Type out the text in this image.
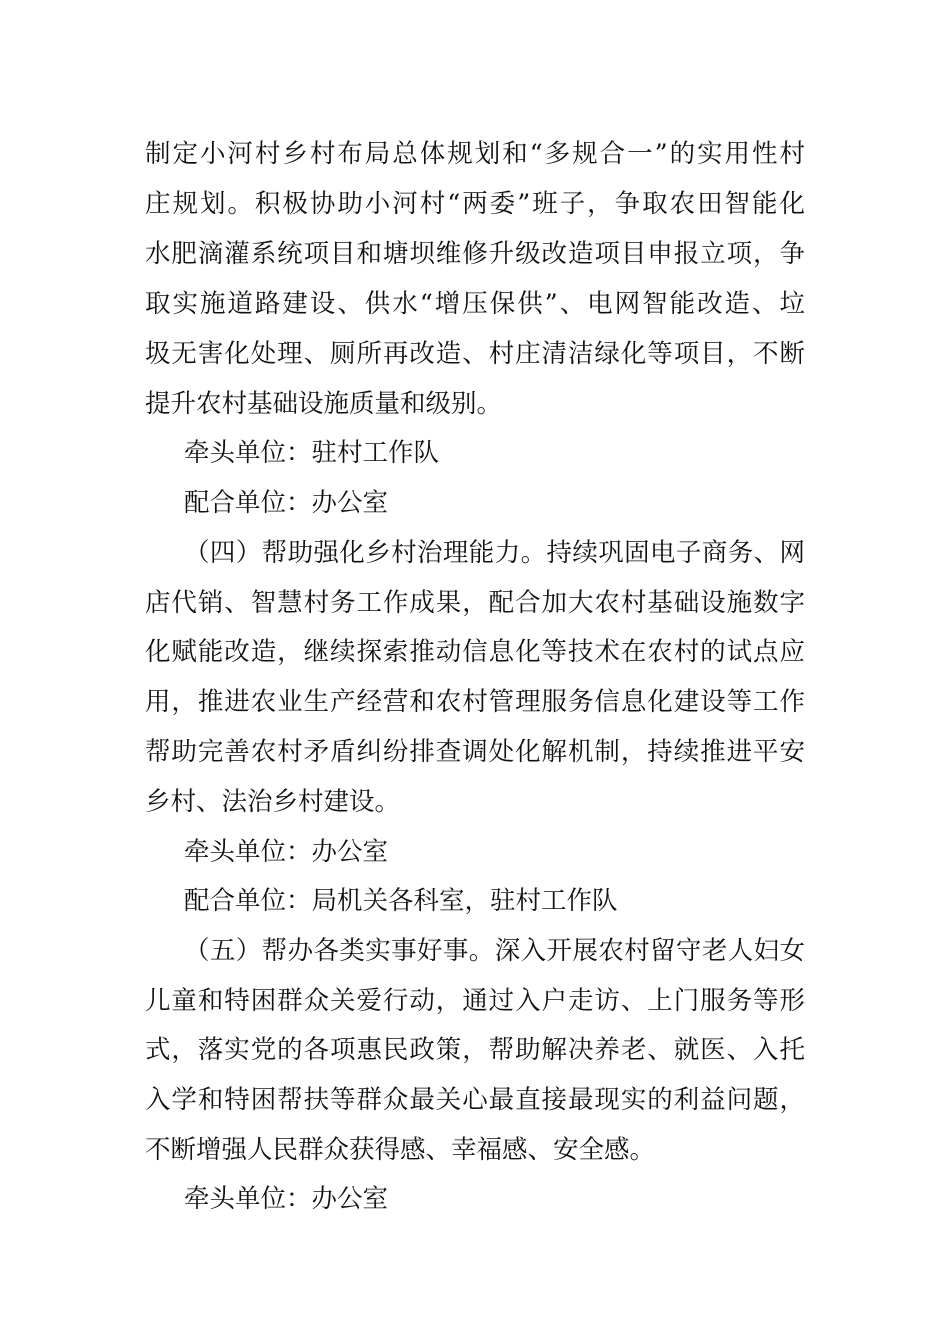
制定小河村乡村布局总体规划和“多规合一”的实用性村
庄规划。积极协助小河村“两委”班子，争取农田智能化
水肥滴灌系统项目和塘坝维修升级改造项目申报立项，争
取实施道路建设、供水“增压保供”、电网智能改造、垃
圾无害化处理、厕所再改造、村庄清洁绿化等项目，不断
提升农村基础设施质量和级别。
牵头单位：驻村工作队
配合单位：办公室
（四）帮助强化乡村治理能力。持续巩固电子商务、网
店代销、智慧村务工作成果，配合加大农村基础设施数字
化赋能改造，继续探索推动信息化等技术在农村的试点应
用，推进农业生产经营和农村管理服务信息化建设等工作
帮助完善农村矛盾纠纷排查调处化解机制，持续推进平安
乡村、法治乡村建设。
牵头单位：办公室
配合单位：局机关各科室，驻村工作队
（五）帮办各类实事好事。深入开展农村留守老人妇女
儿童和特困群众关爱行动，通过入户走访、上门服务等形
式，落实党的各项惠民政策，帮助解决养老、就医、入托
入学和特困帮扶等群众最关心最直接最现实的利益问题，
不断增强人民群众获得感、幸福感、安全感。
牵头单位：办公室
